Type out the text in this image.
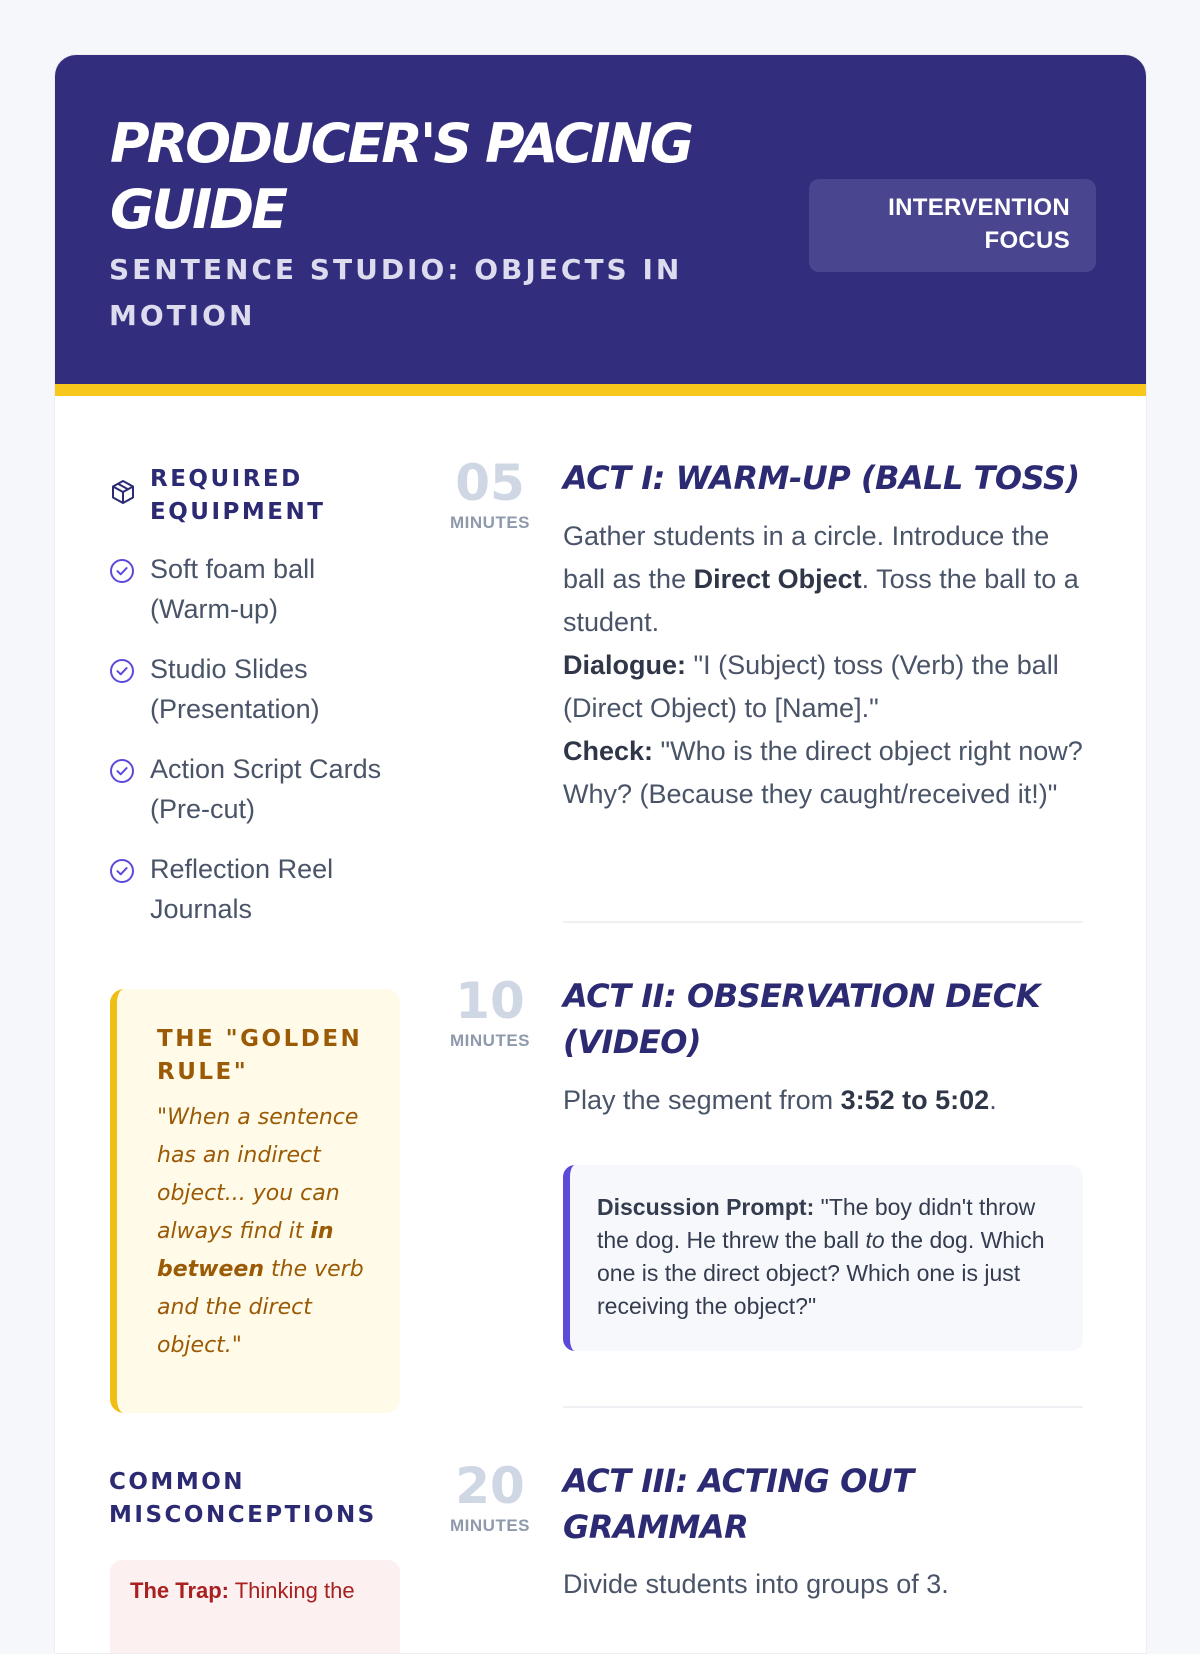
PRODUCER'S PACING GUIDE
SENTENCE STUDIO: OBJECTS IN MOTION
INTERVENTION
FOCUS
REQUIRED EQUIPMENT
Soft foam ball (Warm-up)
Studio Slides (Presentation)
Action Script Cards (Pre-cut)
Reflection Reel Journals
THE "GOLDEN RULE"
"When a sentence has an indirect object... you can always find it in between the verb and the direct object."
COMMON MISCONCEPTIONS
The Trap: Thinking the
05
MINUTES
ACT I: WARM-UP (BALL TOSS)
Gather students in a circle. Introduce the ball as the Direct Object. Toss the ball to a student.
Dialogue: "I (Subject) toss (Verb) the ball (Direct Object) to [Name]."
Check: "Who is the direct object right now? Why? (Because they caught/received it!)"
10
MINUTES
ACT II: OBSERVATION DECK (VIDEO)
Play the segment from 3:52 to 5:02.
Discussion Prompt: "The boy didn't throw the dog. He threw the ball to the dog. Which one is the direct object? Which one is just receiving the object?"
20
MINUTES
ACT III: ACTING OUT GRAMMAR
Divide students into groups of 3.
